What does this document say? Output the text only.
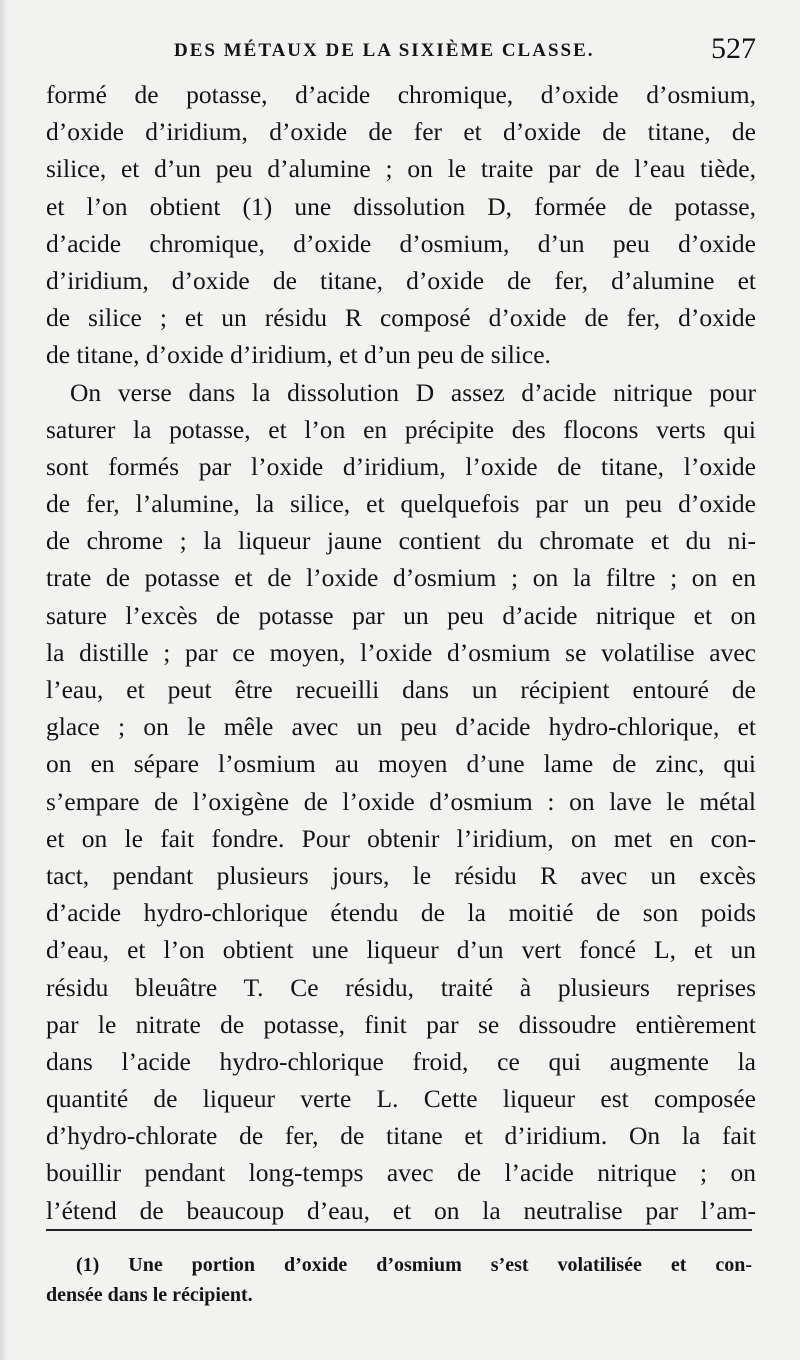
DES MÉTAUX DE LA SIXIÈME CLASSE.	527
formé de potasse, d’acide chromique, d’oxide d’osmium,
d’oxide d’iridium, d’oxide de fer et d’oxide de titane, de
silice, et d’un peu d’alumine ; on le traite par de l’eau tiède,
et l’on obtient (1) une dissolution D, formée de potasse,
d’acide chromique, d’oxide d’osmium, d’un peu d’oxide
d’iridium, d’oxide de titane, d’oxide de fer, d’alumine et
de silice ; et un résidu R composé d’oxide de fer, d’oxide
de titane, d’oxide d’iridium, et d’un peu de silice.
On verse dans la dissolution D assez d’acide nitrique pour
saturer la potasse, et l’on en précipite des flocons verts qui
sont formés par l’oxide d’iridium, l’oxide de titane, l’oxide
de fer, l’alumine, la silice, et quelquefois par un peu d’oxide
de chrome ; la liqueur jaune contient du chromate et du ni-
trate de potasse et de l’oxide d’osmium ; on la filtre ; on en
sature l’excès de potasse par un peu d’acide nitrique et on
la distille ; par ce moyen, l’oxide d’osmium se volatilise avec
l’eau, et peut être recueilli dans un récipient entouré de
glace ; on le mêle avec un peu d’acide hydro-chlorique, et
on en sépare l’osmium au moyen d’une lame de zinc, qui
s’empare de l’oxigène de l’oxide d’osmium : on lave le métal
et on le fait fondre. Pour obtenir l’iridium, on met en con-
tact, pendant plusieurs jours, le résidu R avec un excès
d’acide hydro-chlorique étendu de la moitié de son poids
d’eau, et l’on obtient une liqueur d’un vert foncé L, et un
résidu bleuâtre T. Ce résidu, traité à plusieurs reprises
par le nitrate de potasse, finit par se dissoudre entièrement
dans l’acide hydro-chlorique froid, ce qui augmente la
quantité de liqueur verte L. Cette liqueur est composée
d’hydro-chlorate de fer, de titane et d’iridium. On la fait
bouillir pendant long-temps avec de l’acide nitrique ; on
l’étend de beaucoup d’eau, et on la neutralise par l’am-
(1) Une portion d’oxide d’osmium s’est volatilisée et con-
densée dans le récipient.
